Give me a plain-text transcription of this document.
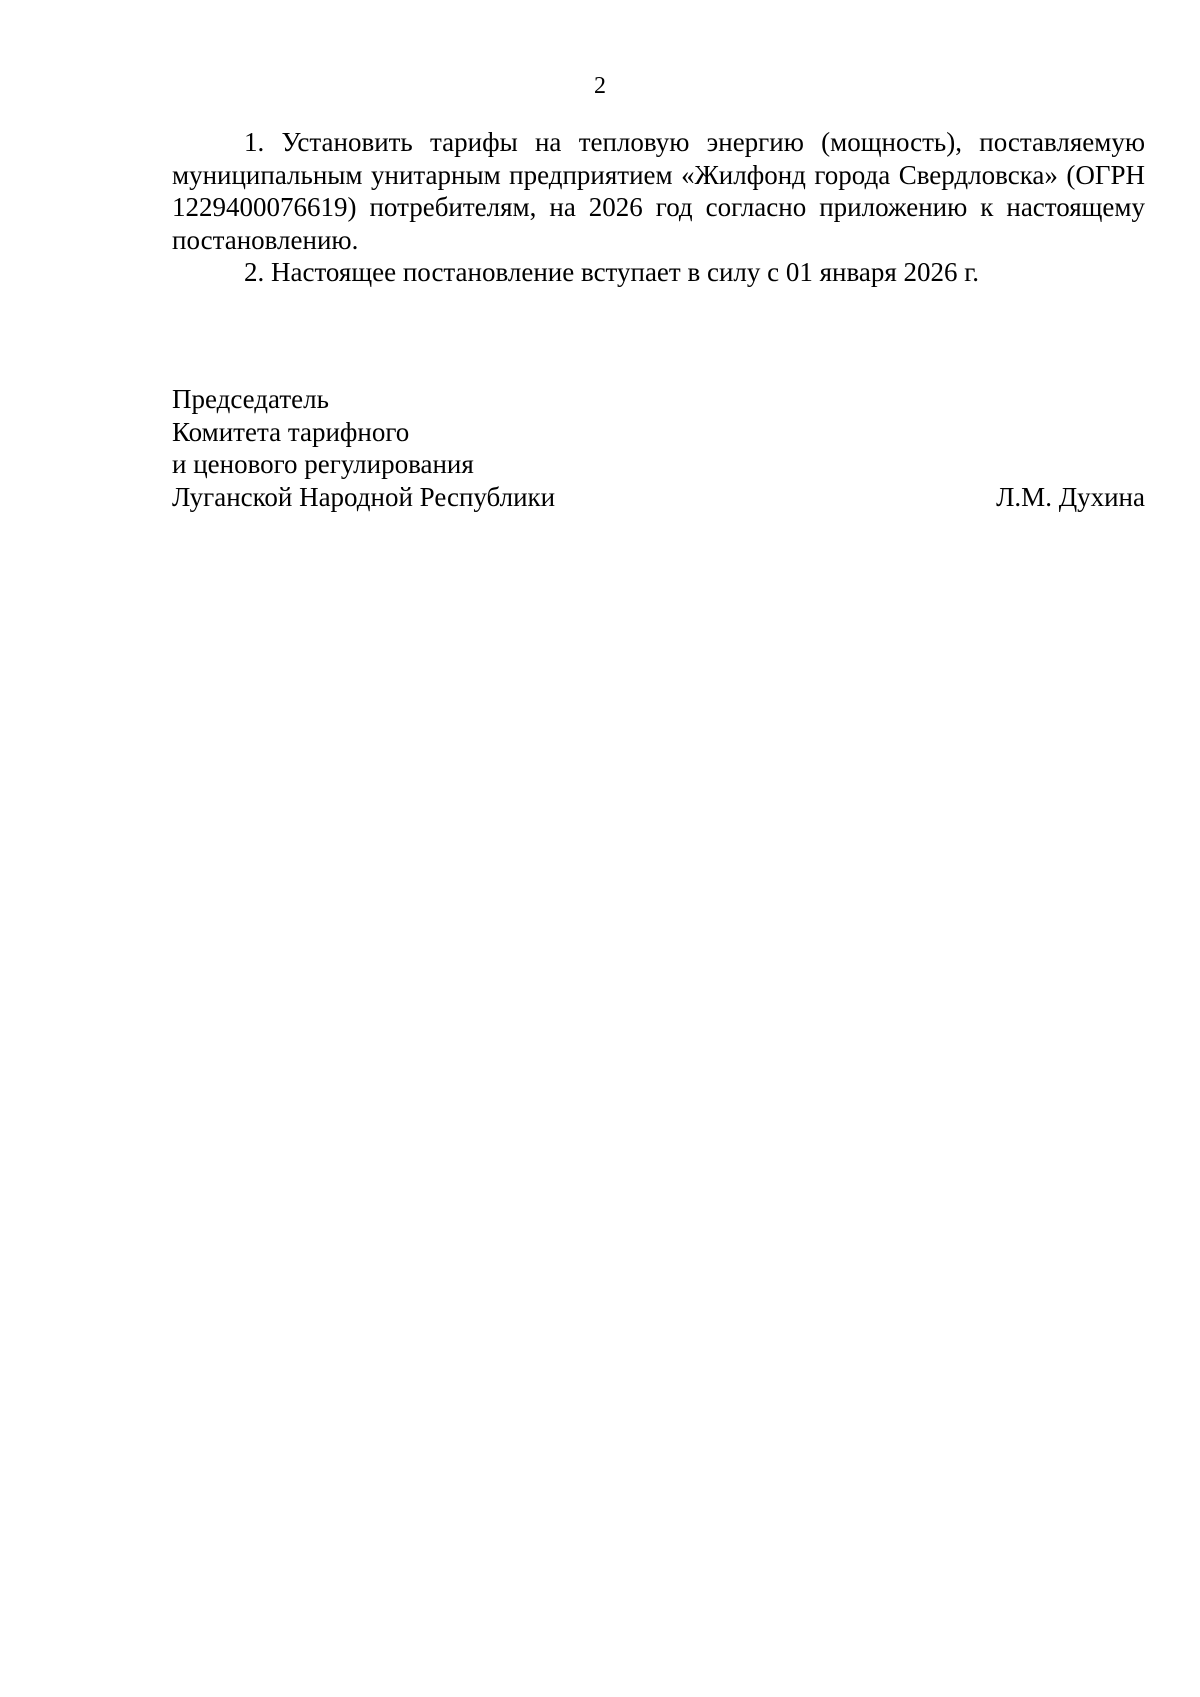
2

1. Установить тарифы на тепловую энергию (мощность), поставляемую муниципальным унитарным предприятием «Жилфонд города Свердловска» (ОГРН 1229400076619) потребителям, на 2026 год согласно приложению к настоящему постановлению.

2. Настоящее постановление вступает в силу с 01 января 2026 г.

Председатель
Комитета тарифного
и ценового регулирования
Луганской Народной Республики	Л.М. Духина
